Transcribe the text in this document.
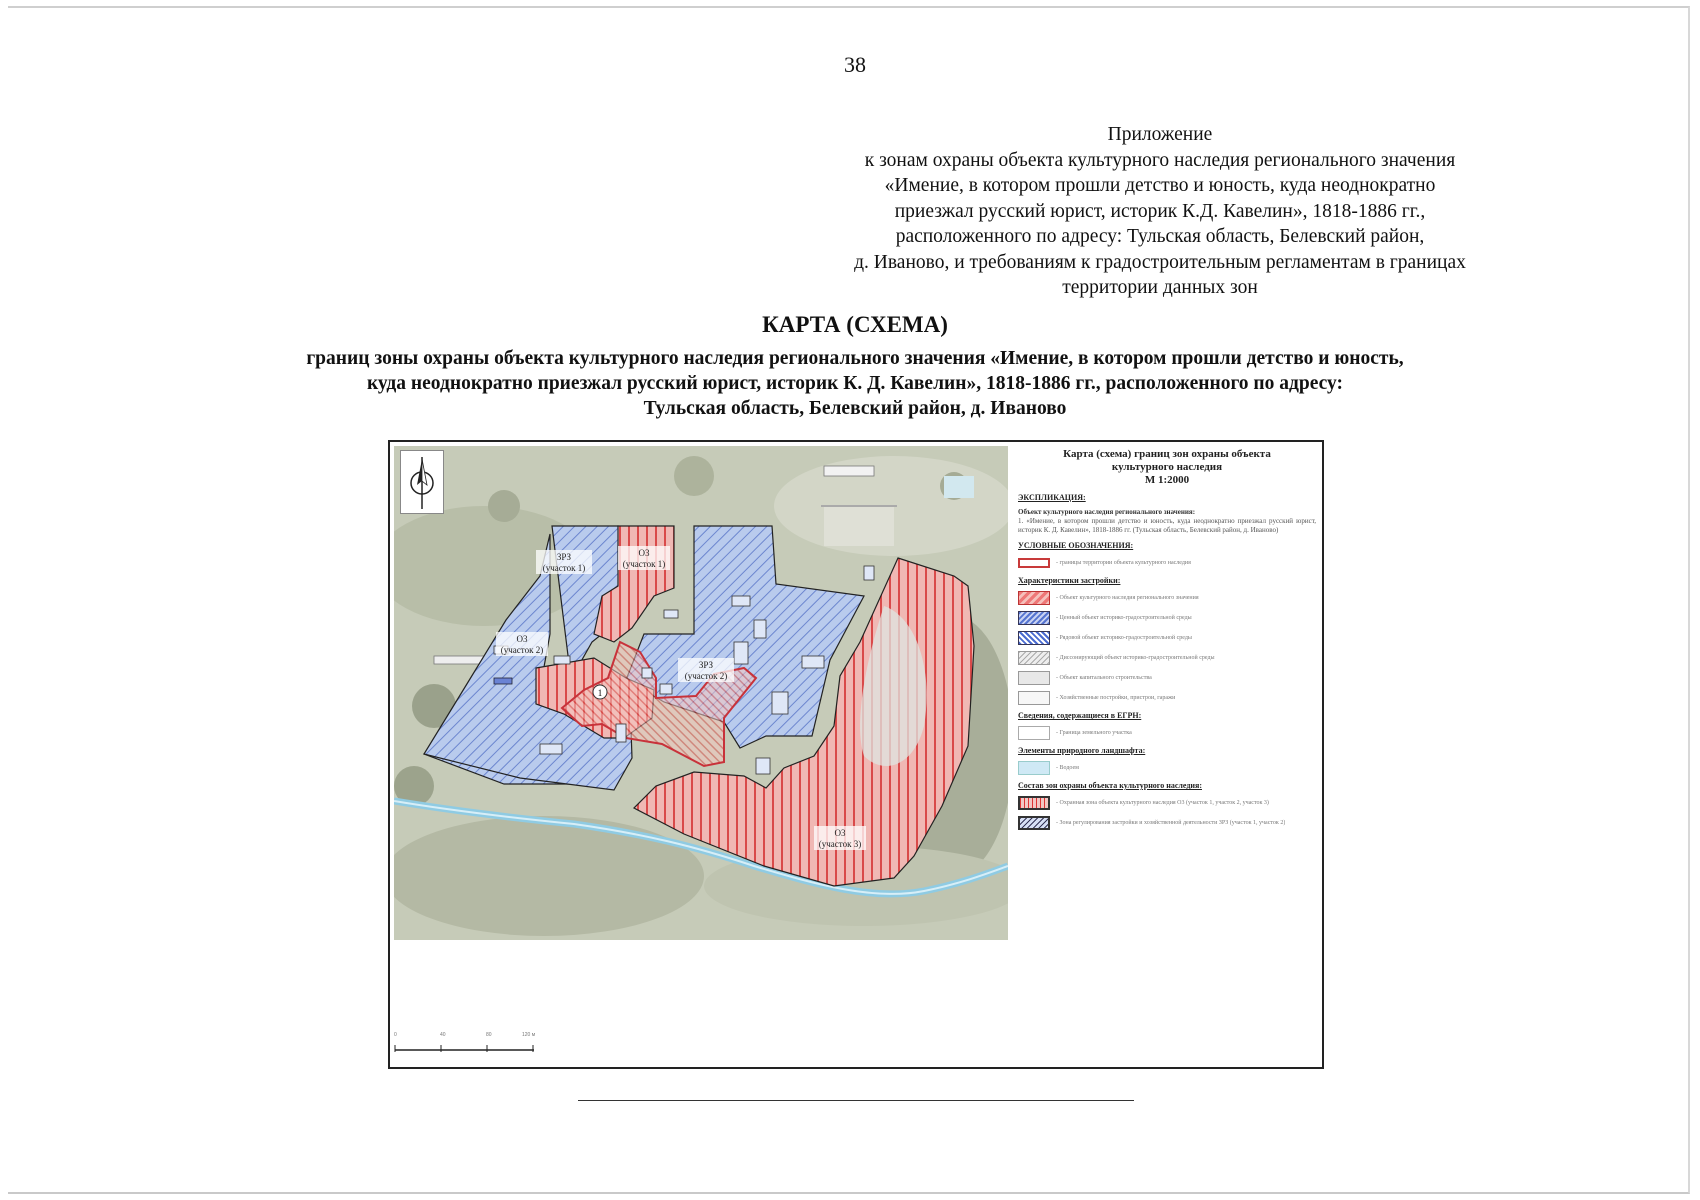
38
Приложение
к зонам охраны объекта культурного наследия регионального значения
«Имение, в котором прошли детство и юность, куда неоднократно
приезжал русский юрист, историк К.Д. Кавелин», 1818-1886 гг.,
расположенного по адресу: Тульская область, Белевский район,
д. Иваново, и требованиям к градостроительным регламентам в границах
территории данных зон
КАРТА (СХЕМА)
границ зоны охраны объекта культурного наследия регионального значения «Имение, в котором прошли детство и юность,
куда неоднократно приезжал русский юрист, историк К. Д. Кавелин», 1818-1886 гг., расположенного по адресу:
Тульская область, Белевский район, д. Иваново
ЗРЗ
(участок 1)
О3
(участок 1)
О3
(участок 2)
ЗРЗ
(участок 2)
О3
(участок 3)
1
0	40	80	120 м
Карта (схема) границ зон охраны объекта
культурного наследия
М 1:2000
ЭКСПЛИКАЦИЯ:
Объект культурного наследия регионального значения:
1. «Имение, в котором прошли детство и юность, куда неоднократно приезжал русский юрист, историк К. Д. Кавелин», 1818-1886 гг. (Тульская область, Белевский район, д. Иваново)
УСЛОВНЫЕ ОБОЗНАЧЕНИЯ:
- границы территории объекта культурного наследия
Характеристики застройки:
- Объект культурного наследия регионального значения
- Ценный объект историко-градостроительной среды
- Рядовой объект историко-градостроительной среды
- Диссонирующий объект историко-градостроительной среды
- Объект капитального строительства
- Хозяйственные постройки, пристрои, гаражи
Сведения, содержащиеся в ЕГРН:
- Граница земельного участка
Элементы природного ландшафта:
- Водоем
Состав зон охраны объекта культурного наследия:
- Охранная зона объекта культурного наследия О3 (участок 1, участок 2, участок 3)
- Зона регулирования застройки и хозяйственной деятельности ЗРЗ (участок 1, участок 2)
